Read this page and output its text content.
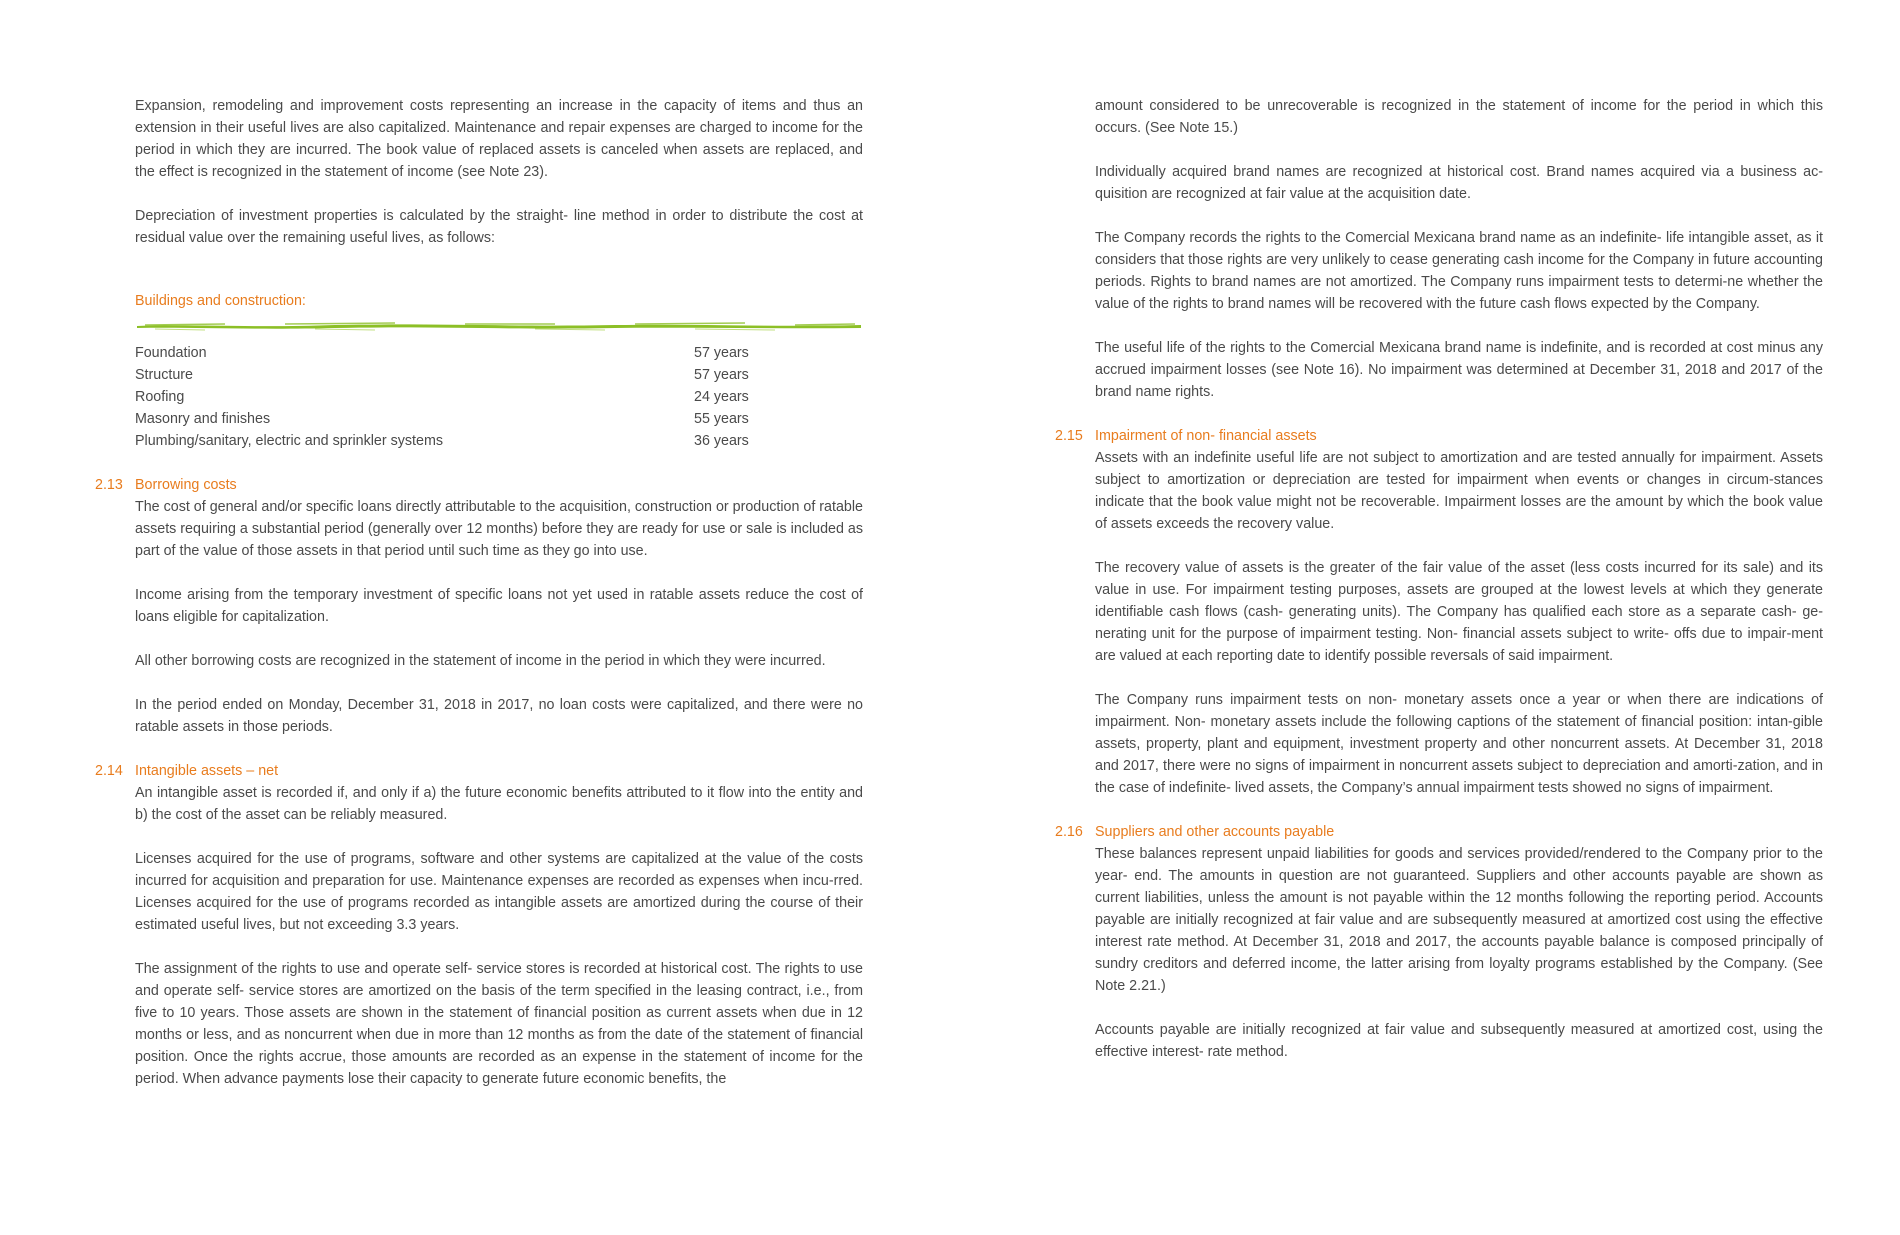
Expansion, remodeling and improvement costs representing an increase in the capacity of items and thus an extension in their useful lives are also capitalized. Maintenance and repair expenses are charged to income for the period in which they are incurred. The book value of replaced assets is canceled when assets are replaced, and the effect is recognized in the statement of income (see Note 23).

Depreciation of investment properties is calculated by the straight- line method in order to distribute the cost at residual value over the remaining useful lives, as follows:

Buildings and construction:
Foundation	57 years
Structure	57 years
Roofing	24 years
Masonry and finishes	55 years
Plumbing/sanitary, electric and sprinkler systems	36 years
2.13 Borrowing costs

The cost of general and/or specific loans directly attributable to the acquisition, construction or production of ratable assets requiring a substantial period (generally over 12 months) before they are ready for use or sale is included as part of the value of those assets in that period until such time as they go into use.

Income arising from the temporary investment of specific loans not yet used in ratable assets reduce the cost of loans eligible for capitalization.

All other borrowing costs are recognized in the statement of income in the period in which they were incurred.

In the period ended on Monday, December 31, 2018 in 2017, no loan costs were capitalized, and there were no ratable assets in those periods.

2.14 Intangible assets – net

An intangible asset is recorded if, and only if a) the future economic benefits attributed to it flow into the entity and b) the cost of the asset can be reliably measured.

Licenses acquired for the use of programs, software and other systems are capitalized at the value of the costs incurred for acquisition and preparation for use. Maintenance expenses are recorded as expenses when incu-rred. Licenses acquired for the use of programs recorded as intangible assets are amortized during the course of their estimated useful lives, but not exceeding 3.3 years.

The assignment of the rights to use and operate self- service stores is recorded at historical cost. The rights to use and operate self- service stores are amortized on the basis of the term specified in the leasing contract, i.e., from five to 10 years. Those assets are shown in the statement of financial position as current assets when due in 12 months or less, and as noncurrent when due in more than 12 months as from the date of the statement of financial position. Once the rights accrue, those amounts are recorded as an expense in the statement of income for the period. When advance payments lose their capacity to generate future economic benefits, the

amount considered to be unrecoverable is recognized in the statement of income for the period in which this occurs. (See Note 15.)

Individually acquired brand names are recognized at historical cost. Brand names acquired via a business ac-quisition are recognized at fair value at the acquisition date.

The Company records the rights to the Comercial Mexicana brand name as an indefinite- life intangible asset, as it considers that those rights are very unlikely to cease generating cash income for the Company in future accounting periods. Rights to brand names are not amortized. The Company runs impairment tests to determi-ne whether the value of the rights to brand names will be recovered with the future cash flows expected by the Company.

The useful life of the rights to the Comercial Mexicana brand name is indefinite, and is recorded at cost minus any accrued impairment losses (see Note 16). No impairment was determined at December 31, 2018 and 2017 of the brand name rights.

2.15 Impairment of non- financial assets

Assets with an indefinite useful life are not subject to amortization and are tested annually for impairment. Assets subject to amortization or depreciation are tested for impairment when events or changes in circum-stances indicate that the book value might not be recoverable. Impairment losses are the amount by which the book value of assets exceeds the recovery value.

The recovery value of assets is the greater of the fair value of the asset (less costs incurred for its sale) and its value in use. For impairment testing purposes, assets are grouped at the lowest levels at which they generate identifiable cash flows (cash- generating units). The Company has qualified each store as a separate cash- ge-nerating unit for the purpose of impairment testing. Non- financial assets subject to write- offs due to impair-ment are valued at each reporting date to identify possible reversals of said impairment.

The Company runs impairment tests on non- monetary assets once a year or when there are indications of impairment. Non- monetary assets include the following captions of the statement of financial position: intan-gible assets, property, plant and equipment, investment property and other noncurrent assets. At December 31, 2018 and 2017, there were no signs of impairment in noncurrent assets subject to depreciation and amorti-zation, and in the case of indefinite- lived assets, the Company’s annual impairment tests showed no signs of impairment.

2.16 Suppliers and other accounts payable

These balances represent unpaid liabilities for goods and services provided/rendered to the Company prior to the year- end. The amounts in question are not guaranteed. Suppliers and other accounts payable are shown as current liabilities, unless the amount is not payable within the 12 months following the reporting period. Accounts payable are initially recognized at fair value and are subsequently measured at amortized cost using the effective interest rate method. At December 31, 2018 and 2017, the accounts payable balance is composed principally of sundry creditors and deferred income, the latter arising from loyalty programs established by the Company. (See Note 2.21.)

Accounts payable are initially recognized at fair value and subsequently measured at amortized cost, using the effective interest- rate method.
